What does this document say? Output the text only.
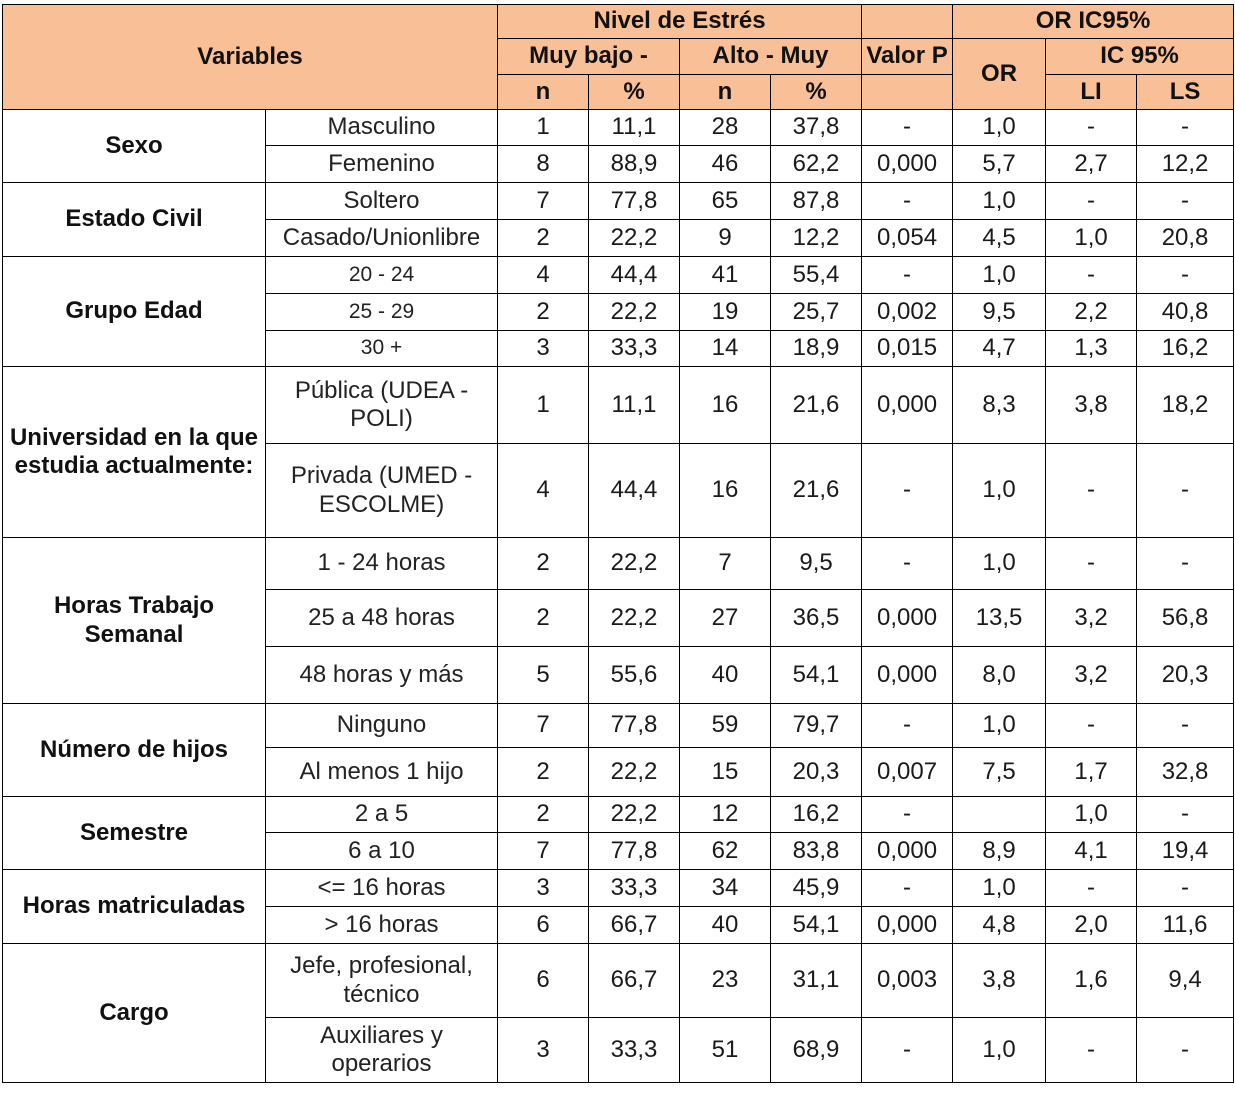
Variables		Nivel de Estrés					OR IC95%		
		Muy bajo -		Alto - Muy		Valor P	OR	IC 95%	
		n	%	n	%			LI	LS
Sexo	Masculino	1	11,1	28	37,8	-	1,0	-	-
	Femenino	8	88,9	46	62,2	0,000	5,7	2,7	12,2
Estado Civil	Soltero	7	77,8	65	87,8	-	1,0	-	-
	Casado/Unionlibre	2	22,2	9	12,2	0,054	4,5	1,0	20,8
Grupo Edad	20 - 24	4	44,4	41	55,4	-	1,0	-	-
	25 - 29	2	22,2	19	25,7	0,002	9,5	2,2	40,8
	30 +	3	33,3	14	18,9	0,015	4,7	1,3	16,2
Universidad en la que estudia actualmente:	Pública (UDEA - POLI)	1	11,1	16	21,6	0,000	8,3	3,8	18,2
	Privada (UMED - ESCOLME)	4	44,4	16	21,6	-	1,0	-	-
Horas Trabajo Semanal	1 - 24 horas	2	22,2	7	9,5	-	1,0	-	-
	25 a 48 horas	2	22,2	27	36,5	0,000	13,5	3,2	56,8
	48 horas y más	5	55,6	40	54,1	0,000	8,0	3,2	20,3
Número de hijos	Ninguno	7	77,8	59	79,7	-	1,0	-	-
	Al menos 1 hijo	2	22,2	15	20,3	0,007	7,5	1,7	32,8
Semestre	2 a 5	2	22,2	12	16,2	-		1,0	-
	6 a 10	7	77,8	62	83,8	0,000	8,9	4,1	19,4
Horas matriculadas	<= 16 horas	3	33,3	34	45,9	-	1,0	-	-
	> 16 horas	6	66,7	40	54,1	0,000	4,8	2,0	11,6
Cargo	Jefe, profesional, técnico	6	66,7	23	31,1	0,003	3,8	1,6	9,4
	Auxiliares y operarios	3	33,3	51	68,9	-	1,0	-	-
